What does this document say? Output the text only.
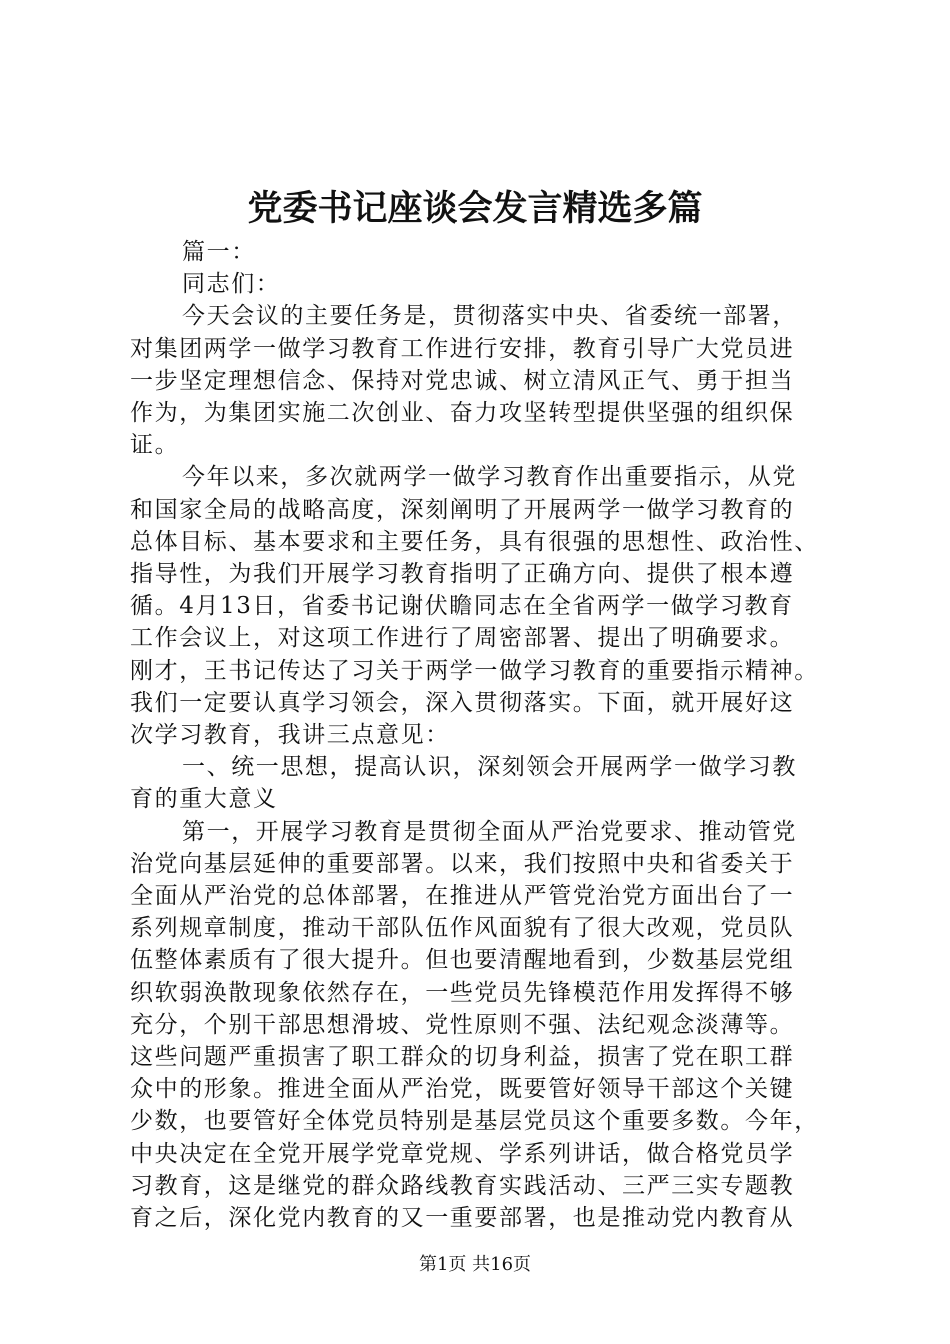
党委书记座谈会发言精选多篇
篇一：
同志们：
今天会议的主要任务是，贯彻落实中央、省委统一部署，
对集团两学一做学习教育工作进行安排，教育引导广大党员进
一步坚定理想信念、保持对党忠诚、树立清风正气、勇于担当
作为，为集团实施二次创业、奋力攻坚转型提供坚强的组织保
证。
今年以来，多次就两学一做学习教育作出重要指示，从党
和国家全局的战略高度，深刻阐明了开展两学一做学习教育的
总体目标、基本要求和主要任务，具有很强的思想性、政治性、
指导性，为我们开展学习教育指明了正确方向、提供了根本遵
循。4月13日，省委书记谢伏瞻同志在全省两学一做学习教育
工作会议上，对这项工作进行了周密部署、提出了明确要求。
刚才，王书记传达了习关于两学一做学习教育的重要指示精神。
我们一定要认真学习领会，深入贯彻落实。下面，就开展好这
次学习教育，我讲三点意见：
一、统一思想，提高认识，深刻领会开展两学一做学习教
育的重大意义
第一，开展学习教育是贯彻全面从严治党要求、推动管党
治党向基层延伸的重要部署。以来，我们按照中央和省委关于
全面从严治党的总体部署，在推进从严管党治党方面出台了一
系列规章制度，推动干部队伍作风面貌有了很大改观，党员队
伍整体素质有了很大提升。但也要清醒地看到，少数基层党组
织软弱涣散现象依然存在，一些党员先锋模范作用发挥得不够
充分，个别干部思想滑坡、党性原则不强、法纪观念淡薄等。
这些问题严重损害了职工群众的切身利益，损害了党在职工群
众中的形象。推进全面从严治党，既要管好领导干部这个关键
少数，也要管好全体党员特别是基层党员这个重要多数。今年，
中央决定在全党开展学党章党规、学系列讲话，做合格党员学
习教育，这是继党的群众路线教育实践活动、三严三实专题教
育之后，深化党内教育的又一重要部署，也是推动党内教育从
第1页 共16页
